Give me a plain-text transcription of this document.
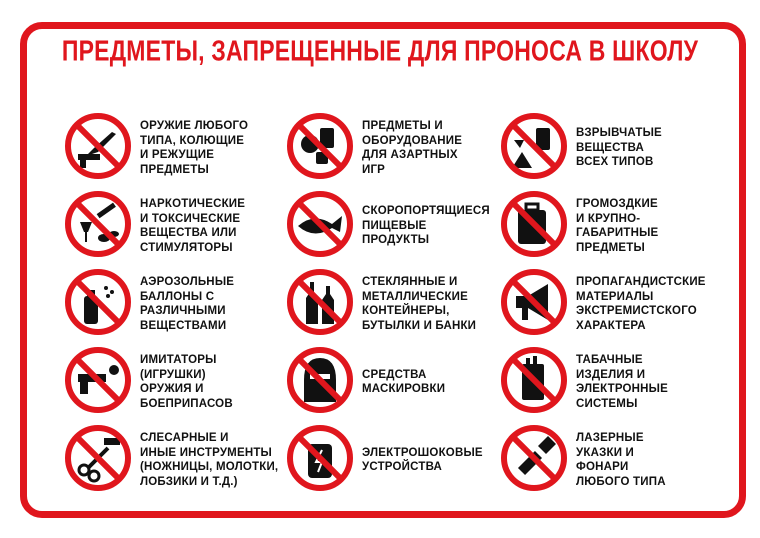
ПРЕДМЕТЫ, ЗАПРЕЩЕННЫЕ ДЛЯ ПРОНОСА В ШКОЛУ
ОРУЖИЕ ЛЮБОГО
ТИПА, КОЛЮЩИЕ
И РЕЖУЩИЕ
ПРЕДМЕТЫ
ПРЕДМЕТЫ И
ОБОРУДОВАНИЕ
ДЛЯ АЗАРТНЫХ
ИГР
ВЗРЫВЧАТЫЕ
ВЕЩЕСТВА
ВСЕХ ТИПОВ
НАРКОТИЧЕСКИЕ
И ТОКСИЧЕСКИЕ
ВЕЩЕСТВА ИЛИ
СТИМУЛЯТОРЫ
СКОРОПОРТЯЩИЕСЯ
ПИЩЕВЫЕ
ПРОДУКТЫ
ГРОМОЗДКИЕ
И КРУПНО-
ГАБАРИТНЫЕ
ПРЕДМЕТЫ
АЭРОЗОЛЬНЫЕ
БАЛЛОНЫ С
РАЗЛИЧНЫМИ
ВЕЩЕСТВАМИ
СТЕКЛЯННЫЕ И
МЕТАЛЛИЧЕСКИЕ
КОНТЕЙНЕРЫ,
БУТЫЛКИ И БАНКИ
ПРОПАГАНДИСТСКИЕ
МАТЕРИАЛЫ
ЭКСТРЕМИСТСКОГО
ХАРАКТЕРА
ИМИТАТОРЫ
(ИГРУШКИ)
ОРУЖИЯ И
БОЕПРИПАСОВ
СРЕДСТВА
МАСКИРОВКИ
ТАБАЧНЫЕ
ИЗДЕЛИЯ И
ЭЛЕКТРОННЫЕ
СИСТЕМЫ
СЛЕСАРНЫЕ И
ИНЫЕ ИНСТРУМЕНТЫ
(НОЖНИЦЫ, МОЛОТКИ,
ЛОБЗИКИ И Т.Д.)
ЭЛЕКТРОШОКОВЫЕ
УСТРОЙСТВА
ЛАЗЕРНЫЕ
УКАЗКИ И
ФОНАРИ
ЛЮБОГО ТИПА
